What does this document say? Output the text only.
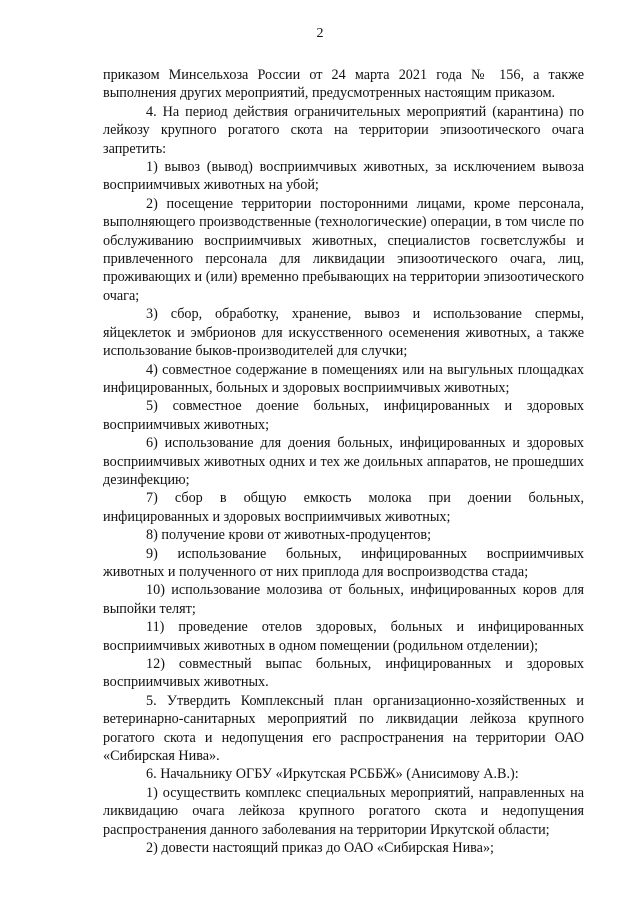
2

приказом Минсельхоза России от 24 марта 2021 года № 156, а также выполнения других мероприятий, предусмотренных настоящим приказом.

4. На период действия ограничительных мероприятий (карантина) по лейкозу крупного рогатого скота на территории эпизоотического очага запретить:

1) вывоз (вывод) восприимчивых животных, за исключением вывоза восприимчивых животных на убой;

2) посещение территории посторонними лицами, кроме персонала, выполняющего производственные (технологические) операции, в том числе по обслуживанию восприимчивых животных, специалистов госветслужбы и привлеченного персонала для ликвидации эпизоотического очага, лиц, проживающих и (или) временно пребывающих на территории эпизоотического очага;

3) сбор, обработку, хранение, вывоз и использование спермы, яйцеклеток и эмбрионов для искусственного осеменения животных, а также использование быков-производителей для случки;

4) совместное содержание в помещениях или на выгульных площадках инфицированных, больных и здоровых восприимчивых животных;

5) совместное доение больных, инфицированных и здоровых восприимчивых животных;

6) использование для доения больных, инфицированных и здоровых восприимчивых животных одних и тех же доильных аппаратов, не прошедших дезинфекцию;

7) сбор в общую емкость молока при доении больных, инфицированных и здоровых восприимчивых животных;

8) получение крови от животных-продуцентов;

9) использование больных, инфицированных восприимчивых животных и полученного от них приплода для воспроизводства стада;

10) использование молозива от больных, инфицированных коров для выпойки телят;

11) проведение отелов здоровых, больных и инфицированных восприимчивых животных в одном помещении (родильном отделении);

12) совместный выпас больных, инфицированных и здоровых восприимчивых животных.

5. Утвердить Комплексный план организационно-хозяйственных и ветеринарно-санитарных мероприятий по ликвидации лейкоза крупного рогатого скота и недопущения его распространения на территории ОАО «Сибирская Нива».

6. Начальнику ОГБУ «Иркутская РСББЖ» (Анисимову А.В.):

1) осуществить комплекс специальных мероприятий, направленных на ликвидацию очага лейкоза крупного рогатого скота и недопущения распространения данного заболевания на территории Иркутской области;

2) довести настоящий приказ до ОАО «Сибирская Нива»;
